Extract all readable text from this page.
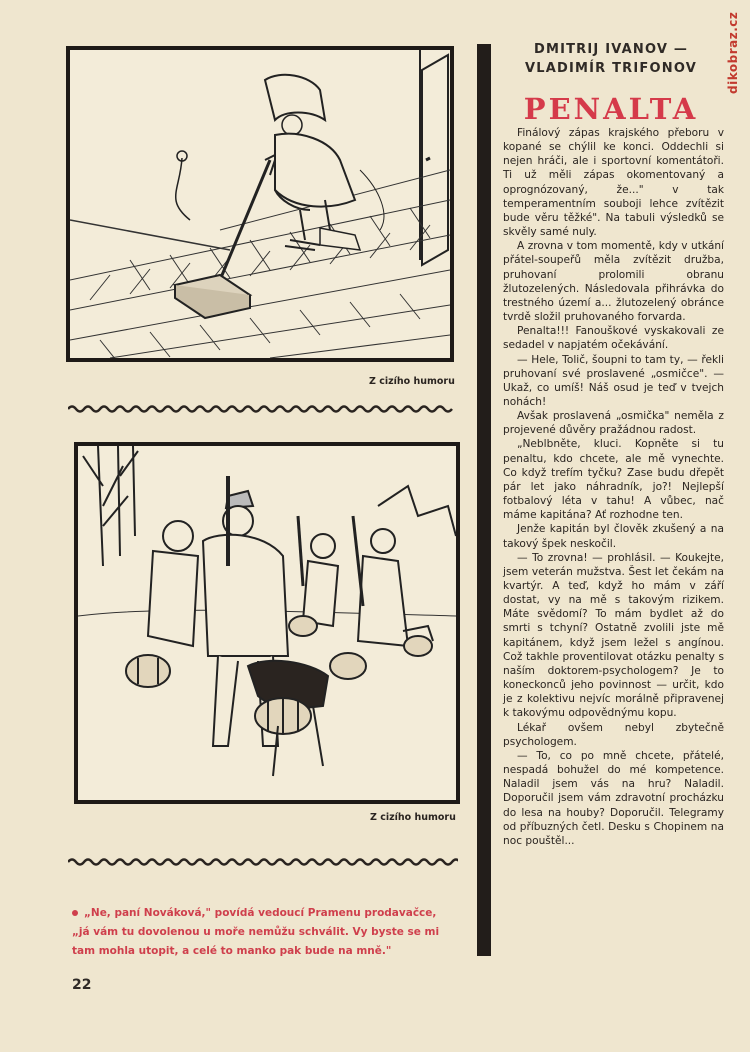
dikobraz.cz
Z cizího humoru
Z cizího humoru
DMITRIJ IVANOV —
VLADIMÍR TRIFONOV
PENALTA

Finálový zápas krajského přeboru v kopané se chýlil ke konci. Oddechli si nejen hráči, ale i sportovní komentátoři. Ti už měli zápas okomentovaný a oprognózovaný, že..." v tak temperamentním souboji lehce zvítězit bude věru těžké". Na tabuli výsledků se skvěly samé nuly.

A zrovna v tom momentě, kdy v utkání přátel-soupeřů měla zvítězit družba, pruhovaní prolomili obranu žlutozelených. Následovala přihrávka do trestného území a... žlutozelený obránce tvrdě složil pruhovaného forvarda.

Penalta!!! Fanouškové vyskakovali ze sedadel v napjatém očekávání.

— Hele, Tolič, šoupni to tam ty, — řekli pruhovaní své proslavené „osmičce". — Ukaž, co umíš! Náš osud je teď v tvejch nohách!

Avšak proslavená „osmička" neměla z projevené důvěry pražádnou radost.

„Neblbněte, kluci. Kopněte si tu penaltu, kdo chcete, ale mě vynechte. Co když trefím tyčku? Zase budu dřepět pár let jako náhradník, jo?! Nejlepší fotbalový léta v tahu! A vůbec, nač máme kapitána? Ať rozhodne ten.

Jenže kapitán byl člověk zkušený a na takový špek neskočil.

— To zrovna! — prohlásil. — Koukejte, jsem veterán mužstva. Šest let čekám na kvartýr. A teď, když ho mám v září dostat, vy na mě s takovým rizikem. Máte svědomí? To mám bydlet až do smrti s tchyní? Ostatně zvolili jste mě kapitánem, když jsem ležel s angínou. Což takhle proventilovat otázku penalty s naším doktorem-psychologem? Je to koneckonců jeho povinnost — určit, kdo je z kolektivu nejvíc morálně připravenej k takovýmu odpovědnýmu kopu.

Lékař ovšem nebyl zbytečně psychologem.

— To, co po mně chcete, přátelé, nespadá bohužel do mé kompetence. Naladil jsem vás na hru? Naladil. Doporučil jsem vám zdravotní procházku do lesa na houby? Doporučil. Telegramy od příbuzných četl. Desku s Chopinem na noc pouštěl...

„Ne, paní Nováková," povídá vedoucí Pramenu prodavačce,
„já vám tu dovolenou u moře nemůžu schválit. Vy byste se mi
tam mohla utopit, a celé to manko pak bude na mně."
22
